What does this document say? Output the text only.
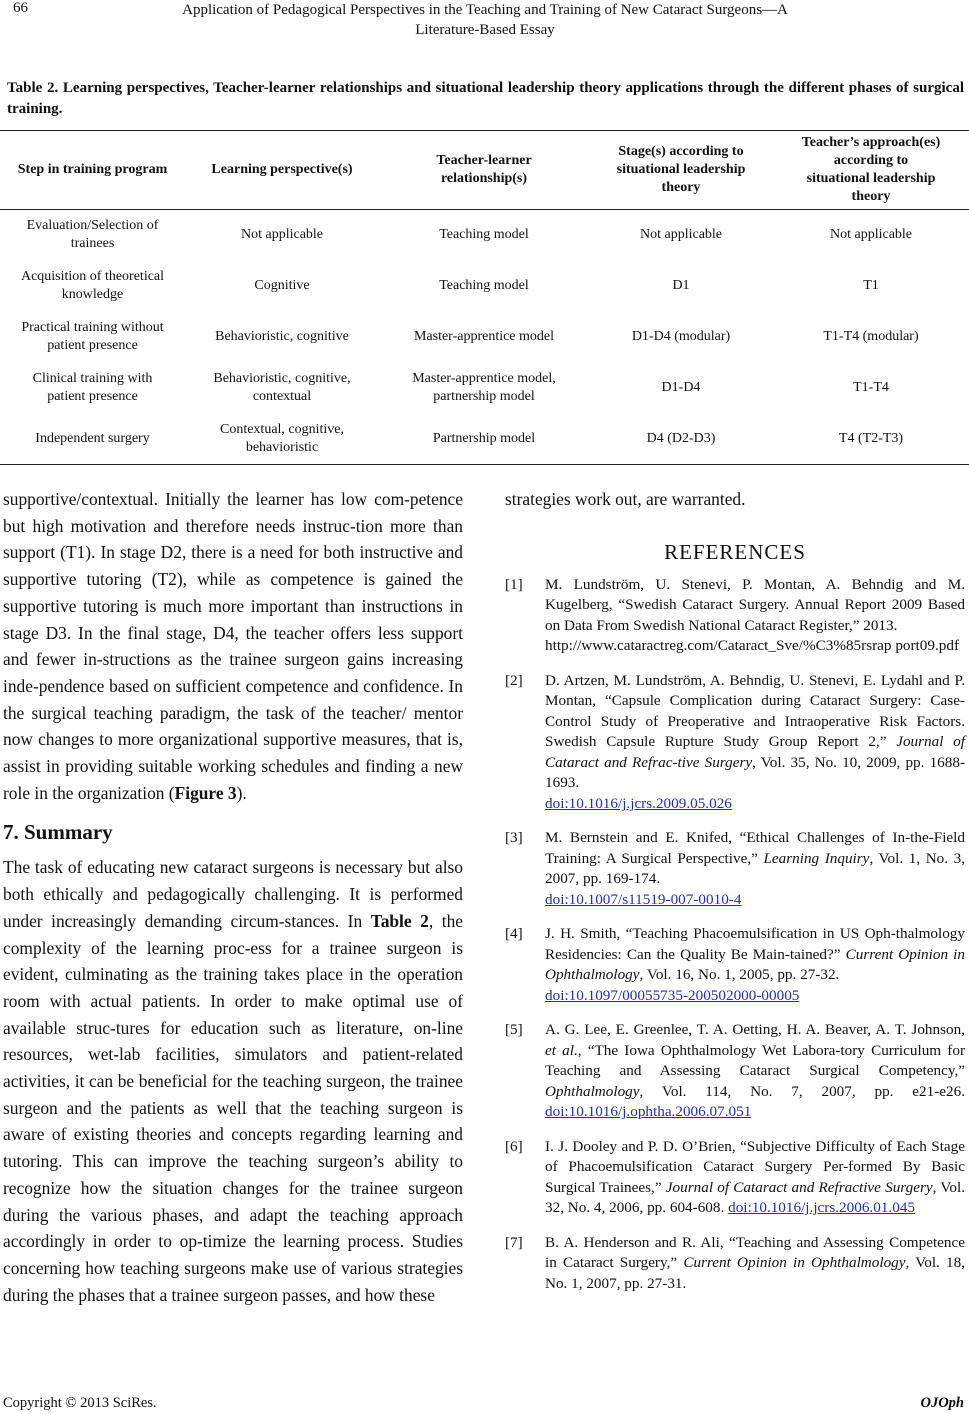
66	Application of Pedagogical Perspectives in the Teaching and Training of New Cataract Surgeons—A
Literature-Based Essay
Table 2. Learning perspectives, Teacher-learner relationships and situational leadership theory applications through the different phases of surgical training.
Step in training program	Learning perspective(s)	Teacher-learner relationship(s)	Stage(s) according to situational leadership theory	Teacher’s approach(es) according to situational leadership theory
Evaluation/Selection of trainees	Not applicable	Teaching model	Not applicable	Not applicable
Acquisition of theoretical knowledge	Cognitive	Teaching model	D1	T1
Practical training without patient presence	Behavioristic, cognitive	Master-apprentice model	D1-D4 (modular)	T1-T4 (modular)
Clinical training with patient presence	Behavioristic, cognitive, contextual	Master-apprentice model, partnership model	D1-D4	T1-T4
Independent surgery	Contextual, cognitive, behavioristic	Partnership model	D4 (D2-D3)	T4 (T2-T3)

supportive/contextual. Initially the learner has low com-petence but high motivation and therefore needs instruc-tion more than support (T1). In stage D2, there is a need for both instructive and supportive tutoring (T2), while as competence is gained the supportive tutoring is much more important than instructions in stage D3. In the final stage, D4, the teacher offers less support and fewer in-structions as the trainee surgeon gains increasing inde-pendence based on sufficient competence and confidence. In the surgical teaching paradigm, the task of the teacher/ mentor now changes to more organizational supportive measures, that is, assist in providing suitable working schedules and finding a new role in the organization (Figure 3).

7. Summary

The task of educating new cataract surgeons is necessary but also both ethically and pedagogically challenging. It is performed under increasingly demanding circum-stances. In Table 2, the complexity of the learning proc-ess for a trainee surgeon is evident, culminating as the training takes place in the operation room with actual patients. In order to make optimal use of available struc-tures for education such as literature, on-line resources, wet-lab facilities, simulators and patient-related activities, it can be beneficial for the teaching surgeon, the trainee surgeon and the patients as well that the teaching surgeon is aware of existing theories and concepts regarding learning and tutoring. This can improve the teaching surgeon’s ability to recognize how the situation changes for the trainee surgeon during the various phases, and adapt the teaching approach accordingly in order to op-timize the learning process. Studies concerning how teaching surgeons make use of various strategies during the phases that a trainee surgeon passes, and how these

strategies work out, are warranted.

REFERENCES
[1] M. Lundström, U. Stenevi, P. Montan, A. Behndig and M. Kugelberg, “Swedish Cataract Surgery. Annual Report 2009 Based on Data From Swedish National Cataract Register,” 2013.
http://www.cataractreg.com/Cataract_Sve/%C3%85rsrap port09.pdf
[2] D. Artzen, M. Lundström, A. Behndig, U. Stenevi, E. Lydahl and P. Montan, “Capsule Complication during Cataract Surgery: Case-Control Study of Preoperative and Intraoperative Risk Factors. Swedish Capsule Rupture Study Group Report 2,” Journal of Cataract and Refrac-tive Surgery, Vol. 35, No. 10, 2009, pp. 1688-1693.
doi:10.1016/j.jcrs.2009.05.026
[3] M. Bernstein and E. Knifed, “Ethical Challenges of In-the-Field Training: A Surgical Perspective,” Learning Inquiry, Vol. 1, No. 3, 2007, pp. 169-174.
doi:10.1007/s11519-007-0010-4
[4] J. H. Smith, “Teaching Phacoemulsification in US Oph-thalmology Residencies: Can the Quality Be Main-tained?” Current Opinion in Ophthalmology, Vol. 16, No. 1, 2005, pp. 27-32.
doi:10.1097/00055735-200502000-00005
[5] A. G. Lee, E. Greenlee, T. A. Oetting, H. A. Beaver, A. T. Johnson, et al., “The Iowa Ophthalmology Wet Labora-tory Curriculum for Teaching and Assessing Cataract Surgical Competency,” Ophthalmology, Vol. 114, No. 7, 2007, pp. e21-e26. doi:10.1016/j.ophtha.2006.07.051
[6] I. J. Dooley and P. D. O’Brien, “Subjective Difficulty of Each Stage of Phacoemulsification Cataract Surgery Per-formed By Basic Surgical Trainees,” Journal of Cataract and Refractive Surgery, Vol. 32, No. 4, 2006, pp. 604-608. doi:10.1016/j.jcrs.2006.01.045
[7] B. A. Henderson and R. Ali, “Teaching and Assessing Competence in Cataract Surgery,” Current Opinion in Ophthalmology, Vol. 18, No. 1, 2007, pp. 27-31.
Copyright © 2013 SciRes.	OJOph
